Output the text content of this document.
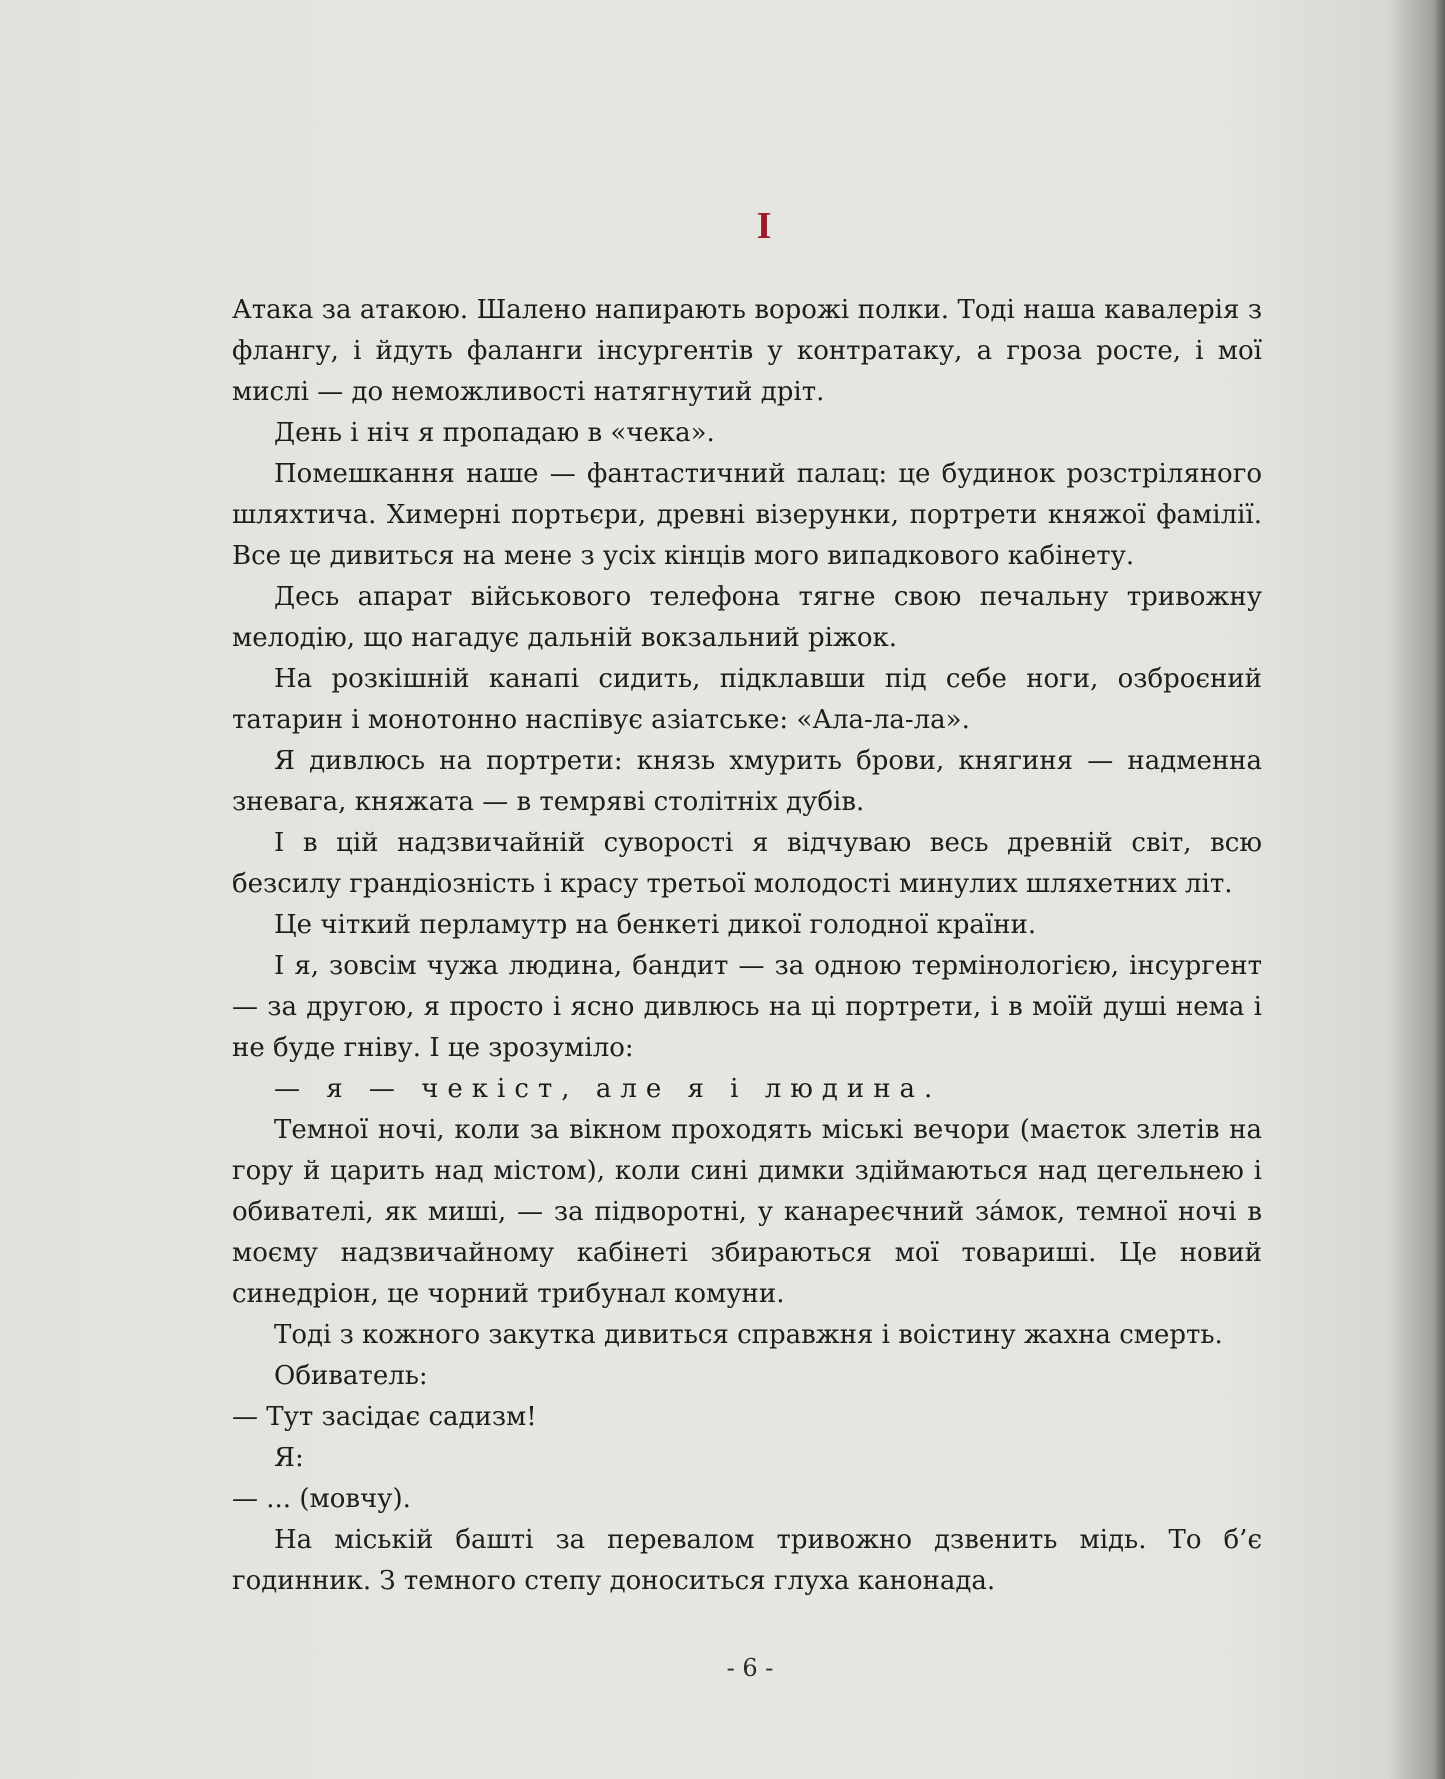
I

Атака за атакою. Шалено напирають ворожі полки. Тоді наша кавалерія з флангу, і йдуть фаланги інсургентів у контратаку, а гроза росте, і мої мислі — до неможливості натягнутий дріт.

День і ніч я пропадаю в «чека».

Помешкання наше — фантастичний палац: це будинок розстріляного шляхтича. Химерні портьєри, древні візерунки, портрети княжої фамілії. Все це дивиться на мене з усіх кінців мого випадкового кабінету.

Десь апарат військового телефона тягне свою печальну тривожну мелодію, що нагадує дальній вокзальний ріжок.

На розкішній канапі сидить, підклавши під себе ноги, озброєний татарин і монотонно наспівує азіатське: «Ала-ла-ла».

Я дивлюсь на портрети: князь хмурить брови, княгиня — надменна зневага, княжата — в темряві столітніх дубів.

І в цій надзвичайній суворості я відчуваю весь древній світ, всю безсилу грандіозність і красу третьої молодості минулих шляхетних літ.

Це чіткий перламутр на бенкеті дикої голодної країни.

І я, зовсім чужа людина, бандит — за одною термінологією, інсургент — за другою, я просто і ясно дивлюсь на ці портрети, і в моїй душі нема і не буде гніву. І це зрозуміло:

— я — чекіст, але я і людина.

Темної ночі, коли за вікном проходять міські вечори (маєток злетів на гору й царить над містом), коли сині димки здіймаються над цегельнею і обивателі, як миші, — за підворотні, у канареєчний зáмок, темної ночі в моєму надзвичайному кабінеті збираються мої товариші. Це новий синедріон, це чорний трибунал комуни.

Тоді з кожного закутка дивиться справжня і воістину жахна смерть.

Обиватель:

— Тут засідає садизм!

Я:

— ... (мовчу).

На міській башті за перевалом тривожно дзвенить мідь. То б’є годинник. З темного степу доноситься глуха канонада.

- 6 -
